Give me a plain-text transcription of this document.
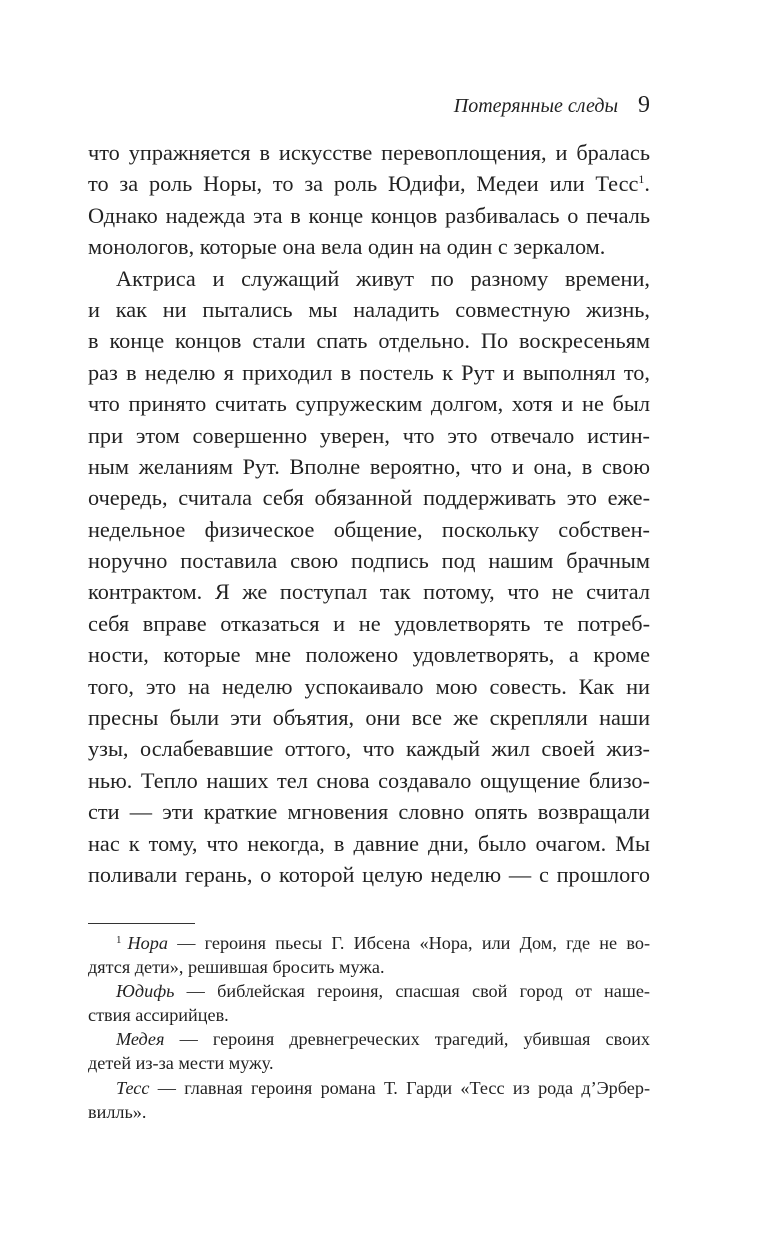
Потерянные следы 9
что упражняется в искусстве перевоплощения, и бралась
то за роль Норы, то за роль Юдифи, Медеи или Тесс$^1$.
Однако надежда эта в конце концов разбивалась о печаль
монологов, которые она вела один на один с зеркалом.
Актриса и служащий живут по разному времени,
и как ни пытались мы наладить совместную жизнь,
в конце концов стали спать отдельно. По воскресеньям
раз в неделю я приходил в постель к Рут и выполнял то,
что принято считать супружеским долгом, хотя и не был
при этом совершенно уверен, что это отвечало истин-
ным желаниям Рут. Вполне вероятно, что и она, в свою
очередь, считала себя обязанной поддерживать это еже-
недельное физическое общение, поскольку собствен-
норучно поставила свою подпись под нашим брачным
контрактом. Я же поступал так потому, что не считал
себя вправе отказаться и не удовлетворять те потреб-
ности, которые мне положено удовлетворять, а кроме
того, это на неделю успокаивало мою совесть. Как ни
пресны были эти объятия, они все же скрепляли наши
узы, ослабевавшие оттого, что каждый жил своей жиз-
нью. Тепло наших тел снова создавало ощущение близо-
сти — эти краткие мгновения словно опять возвращали
нас к тому, что некогда, в давние дни, было очагом. Мы
поливали герань, о которой целую неделю — с прошлого
$^1$ Нора — героиня пьесы Г. Ибсена «Нора, или Дом, где не во-
дятся дети», решившая бросить мужа.
Юдифь — библейская героиня, спасшая свой город от наше-
ствия ассирийцев.
Медея — героиня древнегреческих трагедий, убившая своих
детей из-за мести мужу.
Тесс — главная героиня романа Т. Гарди «Тесс из рода д’Эрбер-
вилль».
